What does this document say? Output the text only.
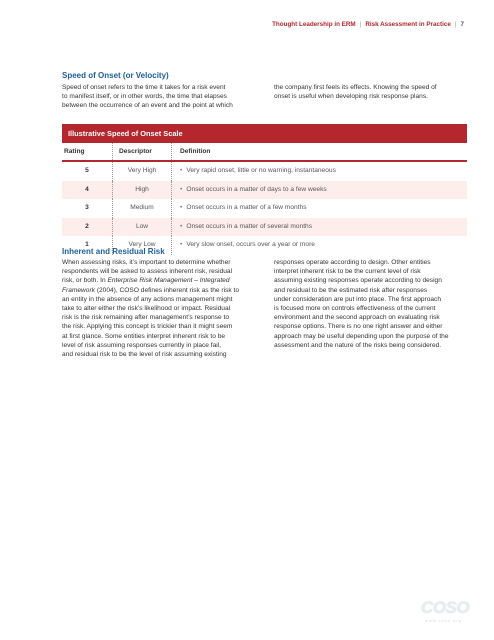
Thought Leadership in ERM | Risk Assessment in Practice | 7
Speed of Onset (or Velocity)
Speed of onset refers to the time it takes for a risk event
to manifest itself, or in other words, the time that elapses
between the occurrence of an event and the point at which
the company first feels its effects. Knowing the speed of
onset is useful when developing risk response plans.
Illustrative Speed of Onset Scale
Rating	Descriptor	Definition
5	Very High	• Very rapid onset, little or no warning, instantaneous
4	High	• Onset occurs in a matter of days to a few weeks
3	Medium	• Onset occurs in a matter of a few months
2	Low	• Onset occurs in a matter of several months
1	Very Low	• Very slow onset, occurs over a year or more
Inherent and Residual Risk
When assessing risks, it’s important to determine whether
respondents will be asked to assess inherent risk, residual
risk, or both. In Enterprise Risk Management – Integrated
Framework (2004), COSO defines inherent risk as the risk to
an entity in the absence of any actions management might
take to alter either the risk’s likelihood or impact. Residual
risk is the risk remaining after management’s response to
the risk. Applying this concept is trickier than it might seem
at first glance. Some entities interpret inherent risk to be
level of risk assuming responses currently in place fail,
and residual risk to be the level of risk assuming existing
responses operate according to design. Other entities
interpret inherent risk to be the current level of risk
assuming existing responses operate according to design
and residual to be the estimated risk after responses
under consideration are put into place. The first approach
is focused more on controls effectiveness of the current
environment and the second approach on evaluating risk
response options. There is no one right answer and either
approach may be useful depending upon the purpose of the
assessment and the nature of the risks being considered.
COSO
www.coso.org
